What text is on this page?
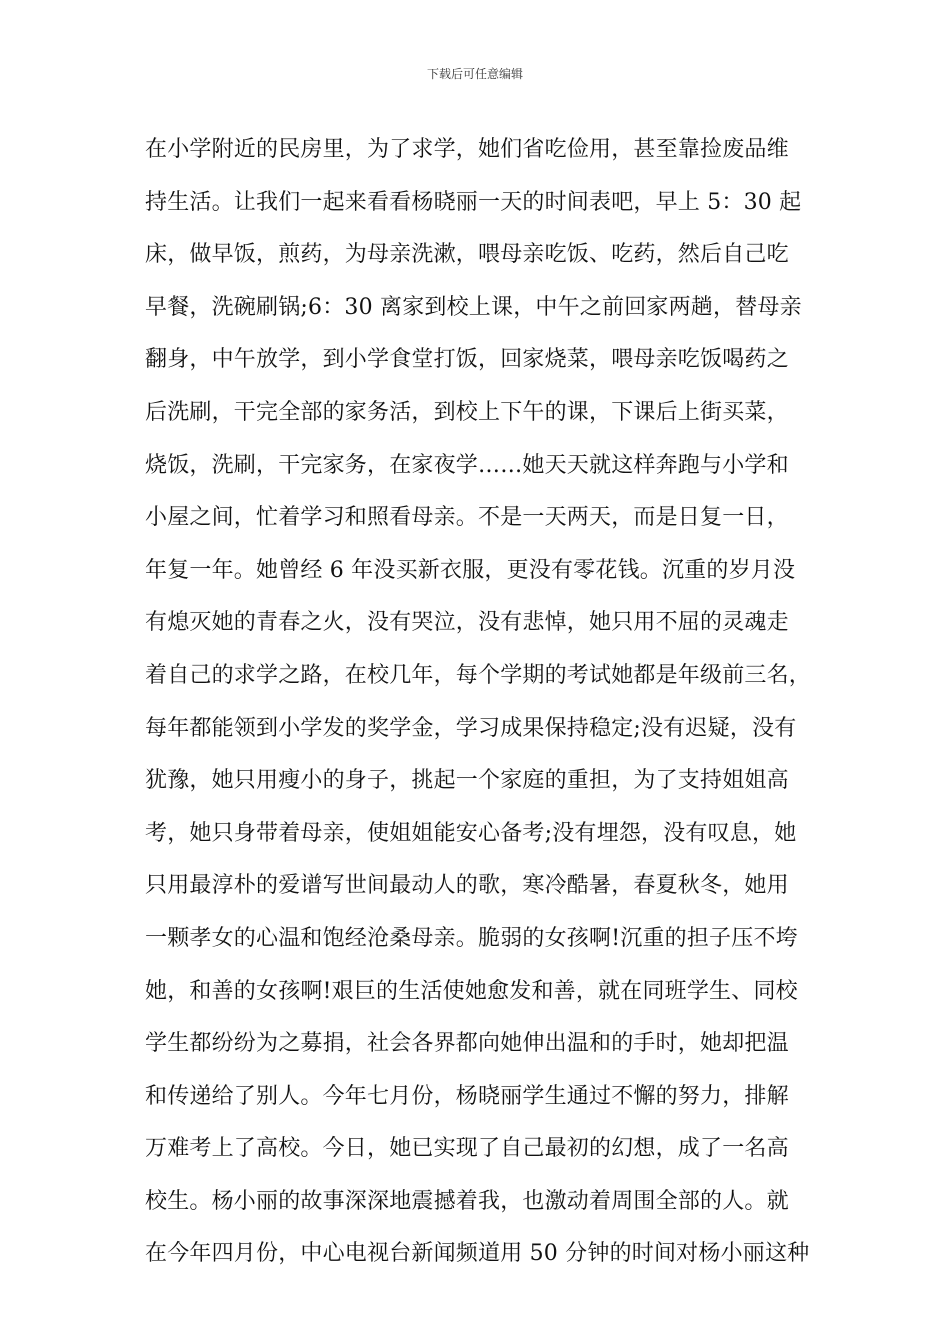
下载后可任意编辑
在小学附近的民房里，为了求学，她们省吃俭用，甚至靠捡废品维
持生活。让我们一起来看看杨晓丽一天的时间表吧，早上 5：30 起
床，做早饭，煎药，为母亲洗漱，喂母亲吃饭、吃药，然后自己吃
早餐，洗碗刷锅;6：30 离家到校上课，中午之前回家两趟，替母亲
翻身，中午放学，到小学食堂打饭，回家烧菜，喂母亲吃饭喝药之
后洗刷，干完全部的家务活，到校上下午的课，下课后上街买菜，
烧饭，洗刷，干完家务，在家夜学……她天天就这样奔跑与小学和
小屋之间，忙着学习和照看母亲。不是一天两天，而是日复一日，
年复一年。她曾经 6 年没买新衣服，更没有零花钱。沉重的岁月没
有熄灭她的青春之火，没有哭泣，没有悲悼，她只用不屈的灵魂走
着自己的求学之路，在校几年，每个学期的考试她都是年级前三名，
每年都能领到小学发的奖学金，学习成果保持稳定;没有迟疑，没有
犹豫，她只用瘦小的身子，挑起一个家庭的重担，为了支持姐姐高
考，她只身带着母亲，使姐姐能安心备考;没有埋怨，没有叹息，她
只用最淳朴的爱谱写世间最动人的歌，寒冷酷暑，春夏秋冬，她用
一颗孝女的心温和饱经沧桑母亲。脆弱的女孩啊!沉重的担子压不垮
她，和善的女孩啊!艰巨的生活使她愈发和善，就在同班学生、同校
学生都纷纷为之募捐，社会各界都向她伸出温和的手时，她却把温
和传递给了别人。今年七月份，杨晓丽学生通过不懈的努力，排解
万难考上了高校。今日，她已实现了自己最初的幻想，成了一名高
校生。杨小丽的故事深深地震撼着我，也激动着周围全部的人。就
在今年四月份，中心电视台新闻频道用 50 分钟的时间对杨小丽这种
